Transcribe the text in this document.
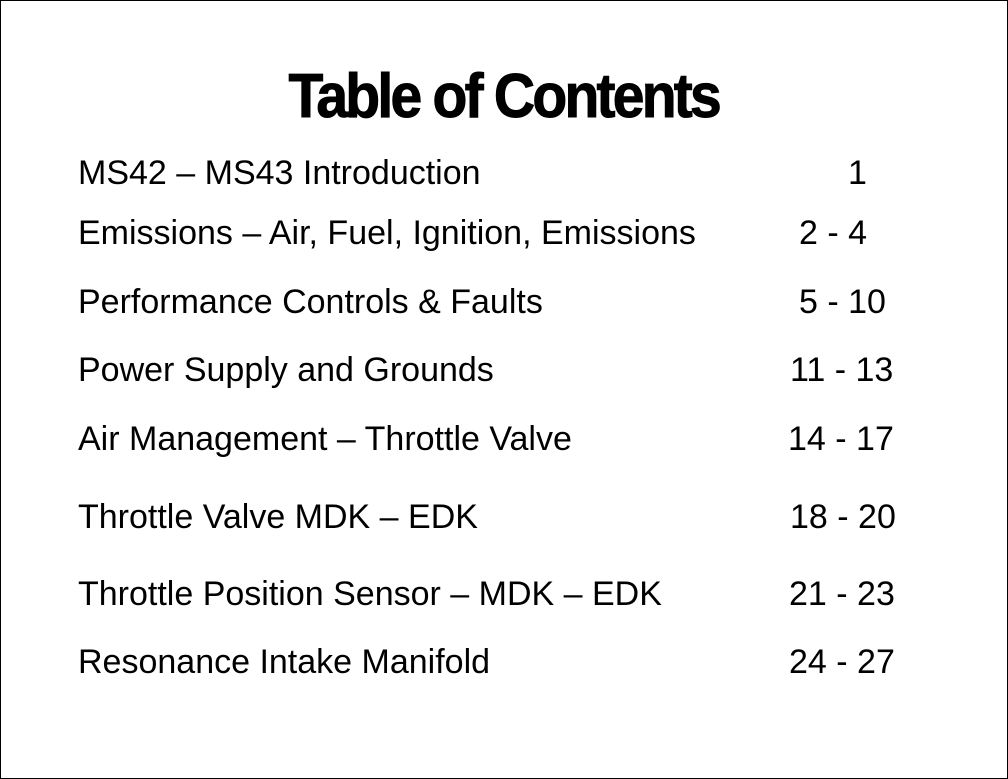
Table of Contents
MS42 – MS43 Introduction	1
Emissions – Air, Fuel, Ignition, Emissions	2 - 4
Performance Controls & Faults	5 - 10
Power Supply and Grounds	11 - 13
Air Management – Throttle Valve	14 - 17
Throttle Valve MDK – EDK	18 - 20
Throttle Position Sensor – MDK – EDK	21 - 23
Resonance Intake Manifold	24 - 27
